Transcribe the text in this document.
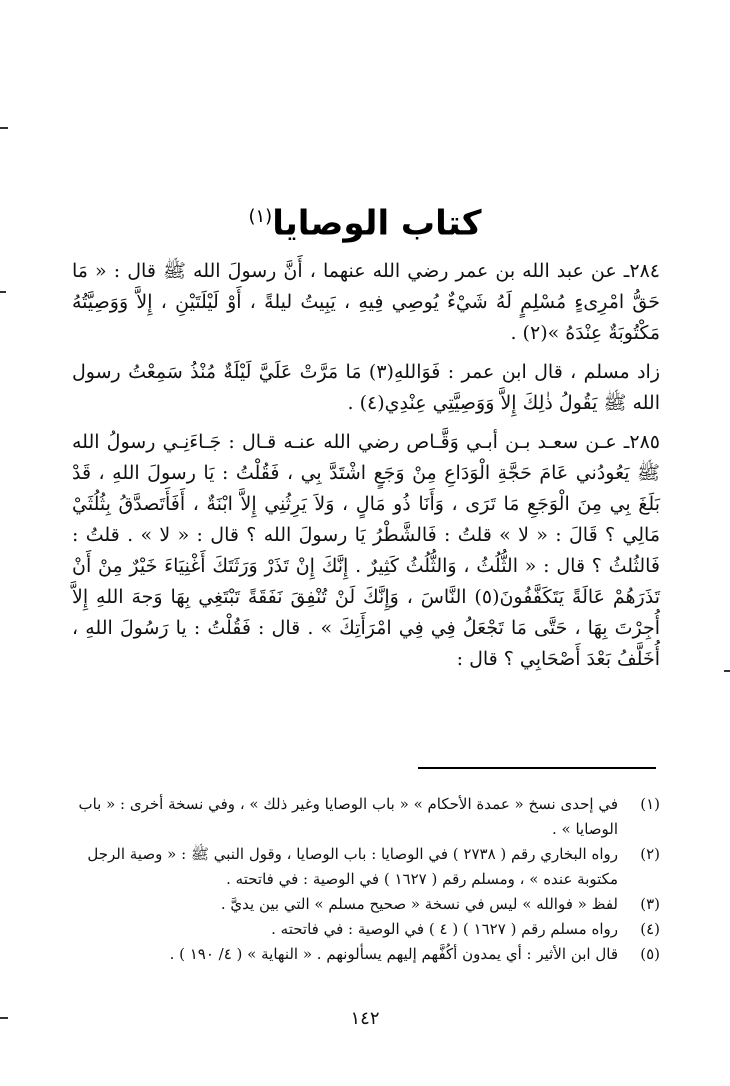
كتاب الوصايا$^{(١)}$

٢٨٤ـ عن عبد الله بن عمر رضي الله عنهما ، أَنَّ رسولَ الله ﷺ قال : « مَا حَقُّ امْرِىءٍ مُسْلِمٍ لَهُ شَيْءٌ يُوصِي فِيهِ ، يَبِيتُ ليلةً ، أَوْ لَيْلَتَيْنِ ، إِلاَّ وَوَصِيَّتُهُ مَكْتُوبَةٌ عِنْدَهُ »(٢) .

زاد مسلم ، قال ابن عمر : فَوَاللهِ(٣) مَا مَرَّتْ عَلَيَّ لَيْلَةٌ مُنْذُ سَمِعْتُ رسول الله ﷺ يَقُولُ ذٰلِكَ إِلاَّ وَوَصِيَّتِي عِنْدِي(٤) .

٢٨٥ـ عـن سعـد بـن أبـي وَقَّـاص رضي الله عنـه قـال : جَـاءَنِـي رسولُ الله ﷺ يَعُودُني عَامَ حَجَّةِ الْوَدَاعِ مِنْ وَجَعٍ اشْتَدَّ بِي ، فَقُلْتُ : يَا رسولَ اللهِ ، قَدْ بَلَغَ بِي مِنَ الْوَجَعِ مَا تَرَى ، وَأَنَا ذُو مَالٍ ، وَلاَ يَرِثُنِي إِلاَّ ابْنَةٌ ، أَفَأَتَصدَّقُ بِثُلُثَيْ مَالِي ؟ قَالَ : « لا » قلتُ : فَالشَّطْرُ يَا رسولَ الله ؟ قال : « لا » . قلتُ : فَالثُلثُ ؟ قال : « الثُّلُثُ ، وَالثُّلُثُ كَثِيرٌ . إِنَّكَ إِنْ تَذَرْ وَرَثَتَكَ أَغْنِيَاءَ خَيْرٌ مِنْ أَنْ تَذَرَهُمْ عَالَةً يَتَكَفَّفُونَ(٥) النَّاسَ ، وَإِنَّكَ لَنْ تُنْفِقَ نَفَقَةً تَبْتَغِي بِهَا وَجهَ اللهِ إِلاَّ أُجِرْتَ بِهَا ، حَتَّى مَا تَجْعَلُ فِي فِي امْرَأَتِكَ » . قال : فَقُلْتُ : يا رَسُولَ اللهِ ، أُخَلَّفُ بَعْدَ أَصْحَابِي ؟ قال :

(١)
في إحدى نسخ « عمدة الأحكام » « باب الوصايا وغير ذلك » ، وفي نسخة أخرى : « باب الوصايا » .
(٢)
رواه البخاري رقم ( ٢٧٣٨ ) في الوصايا : باب الوصايا ، وقول النبي ﷺ : « وصية الرجل مكتوبة عنده » ، ومسلم رقم ( ١٦٢٧ ) في الوصية : في فاتحته .
(٣)
لفظ « فوالله » ليس في نسخة « صحيح مسلم » التي بين يديَّ .
(٤)
رواه مسلم رقم ( ١٦٢٧ ) ( ٤ ) في الوصية : في فاتحته .
(٥)
قال ابن الأثير : أي يمدون أكُفَّهم إليهم يسألونهم . « النهاية » ( ٤/ ١٩٠ ) .
١٤٢
